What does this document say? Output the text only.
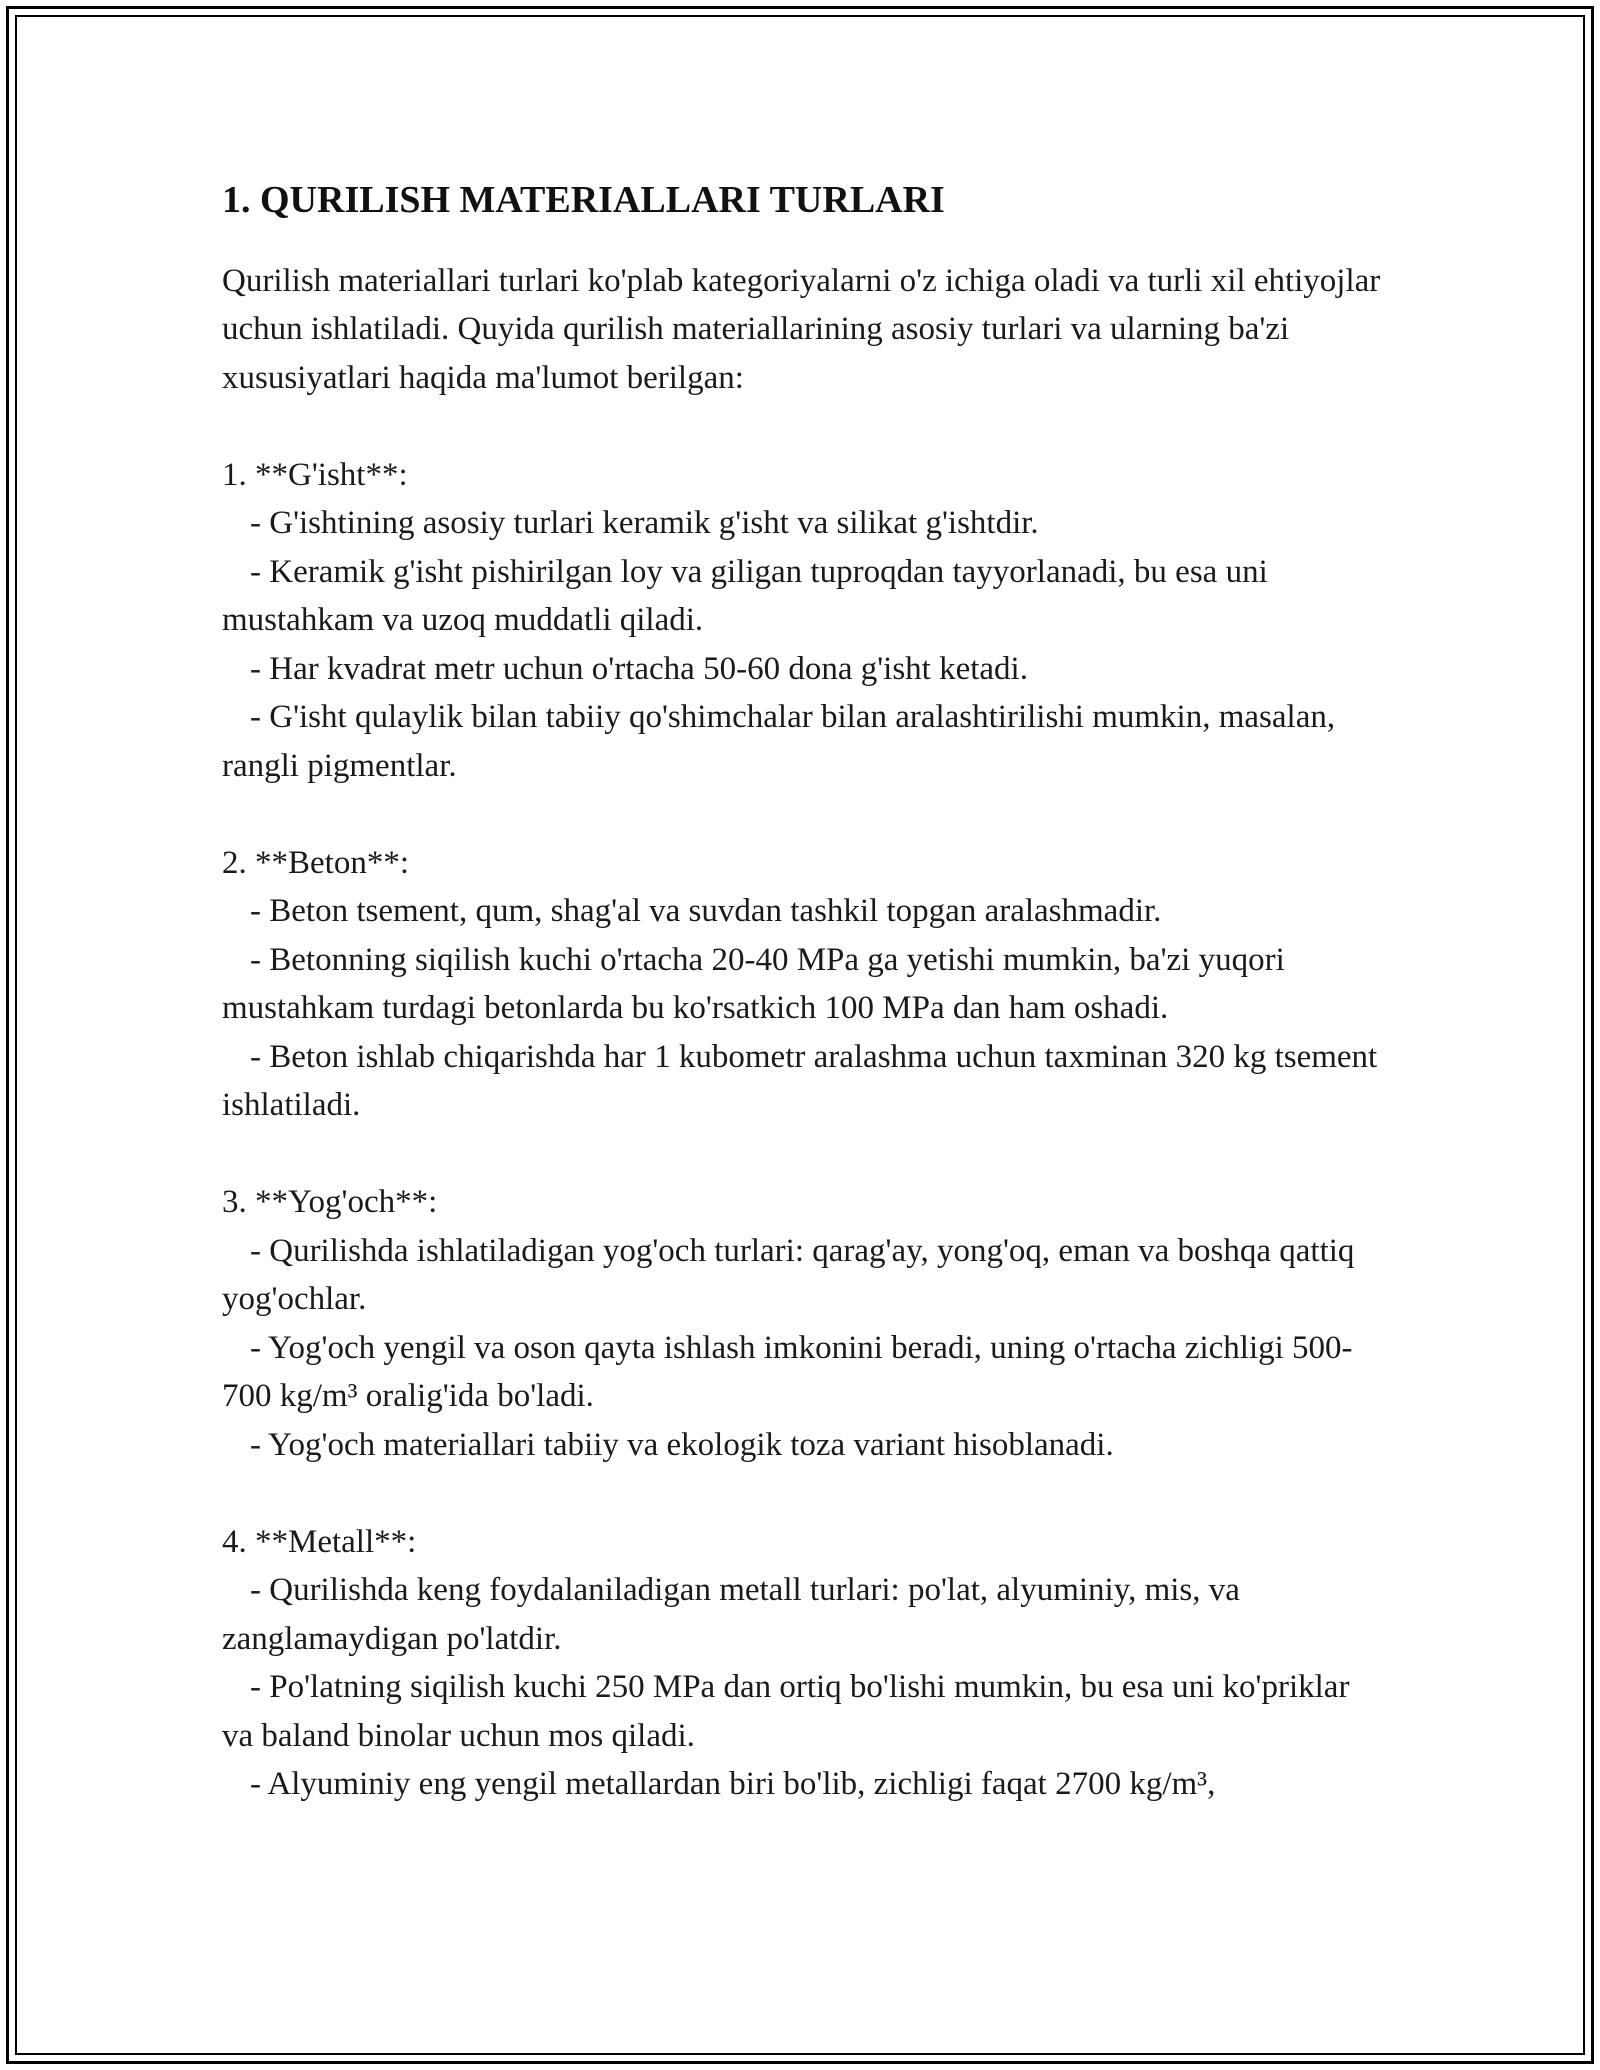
1. QURILISH MATERIALLARI TURLARI

Qurilish materiallari turlari ko'plab kategoriyalarni o'z ichiga oladi va turli xil ehtiyojlar uchun ishlatiladi. Quyida qurilish materiallarining asosiy turlari va ularning ba'zi xususiyatlari haqida ma'lumot berilgan:

1. **G'isht**:

- G'ishtining asosiy turlari keramik g'isht va silikat g'ishtdir.

- Keramik g'isht pishirilgan loy va giligan tuproqdan tayyorlanadi, bu esa uni mustahkam va uzoq muddatli qiladi.

- Har kvadrat metr uchun o'rtacha 50-60 dona g'isht ketadi.

- G'isht qulaylik bilan tabiiy qo'shimchalar bilan aralashtirilishi mumkin, masalan, rangli pigmentlar.

2. **Beton**:

- Beton tsement, qum, shag'al va suvdan tashkil topgan aralashmadir.

- Betonning siqilish kuchi o'rtacha 20-40 MPa ga yetishi mumkin, ba'zi yuqori mustahkam turdagi betonlarda bu ko'rsatkich 100 MPa dan ham oshadi.

- Beton ishlab chiqarishda har 1 kubometr aralashma uchun taxminan 320 kg tsement ishlatiladi.

3. **Yog'och**:

- Qurilishda ishlatiladigan yog'och turlari: qarag'ay, yong'oq, eman va boshqa qattiq yog'ochlar.

- Yog'och yengil va oson qayta ishlash imkonini beradi, uning o'rtacha zichligi 500-700 kg/m³ oralig'ida bo'ladi.

- Yog'och materiallari tabiiy va ekologik toza variant hisoblanadi.

4. **Metall**:

- Qurilishda keng foydalaniladigan metall turlari: po'lat, alyuminiy, mis, va zanglamaydigan po'latdir.

- Po'latning siqilish kuchi 250 MPa dan ortiq bo'lishi mumkin, bu esa uni ko'priklar va baland binolar uchun mos qiladi.

- Alyuminiy eng yengil metallardan biri bo'lib, zichligi faqat 2700 kg/m³,
